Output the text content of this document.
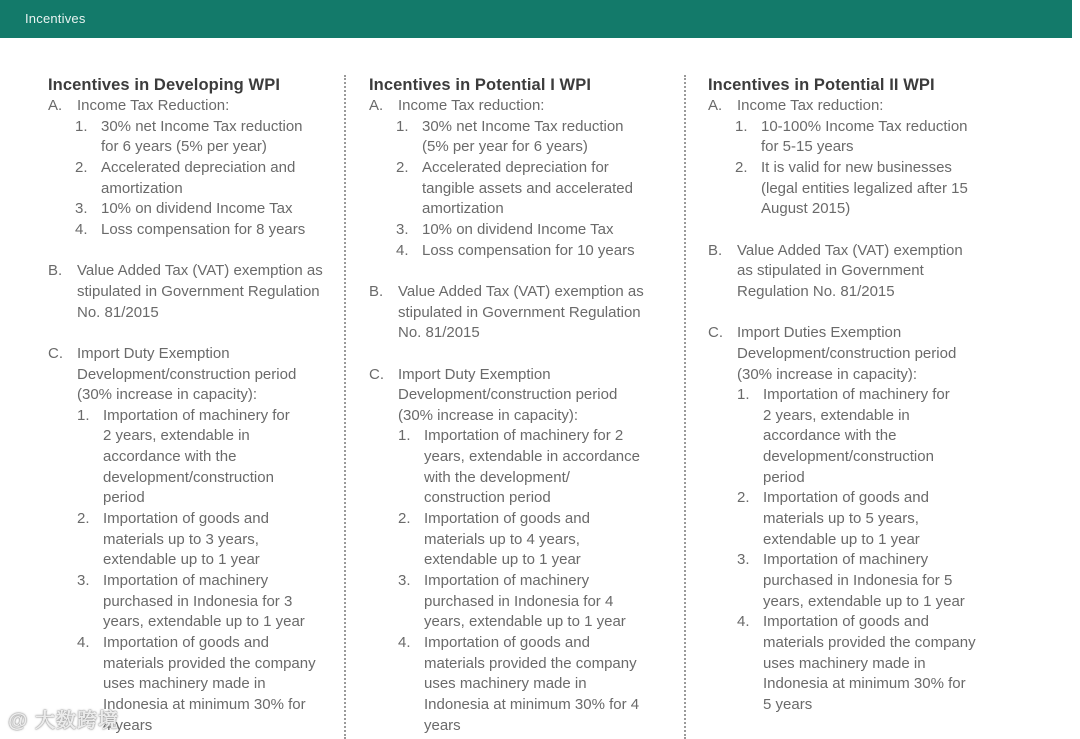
Incentives
Incentives in Developing WPI
A. Income Tax Reduction:
1. 30% net Income Tax reduction for 6 years (5% per year)
2. Accelerated depreciation and amortization
3. 10% on dividend Income Tax
4. Loss compensation for 8 years
B. Value Added Tax (VAT) exemption as stipulated in Government Regulation No. 81/2015
C. Import Duty Exemption Development/construction period (30% increase in capacity):
1. Importation of machinery for 2 years, extendable in accordance with the development/construction period
2. Importation of goods and materials up to 3 years, extendable up to 1 year
3. Importation of machinery purchased in Indonesia for 3 years, extendable up to 1 year
4. Importation of goods and materials provided the company uses machinery made in Indonesia at minimum 30% for 4 years
Incentives in Potential I WPI
A. Income Tax reduction:
1. 30% net Income Tax reduction (5% per year for 6 years)
2. Accelerated depreciation for tangible assets and accelerated amortization
3. 10% on dividend Income Tax
4. Loss compensation for 10 years
B. Value Added Tax (VAT) exemption as stipulated in Government Regulation No. 81/2015
C. Import Duty Exemption Development/construction period (30% increase in capacity):
1. Importation of machinery for 2 years, extendable in accordance with the development/ construction period
2. Importation of goods and materials up to 4 years, extendable up to 1 year
3. Importation of machinery purchased in Indonesia for 4 years, extendable up to 1 year
4. Importation of goods and materials provided the company uses machinery made in Indonesia at minimum 30% for 4 years
Incentives in Potential II WPI
A. Income Tax reduction:
1. 10-100% Income Tax reduction for 5-15 years
2. It is valid for new businesses (legal entities legalized after 15 August 2015)
B. Value Added Tax (VAT) exemption as stipulated in Government Regulation No. 81/2015
C. Import Duties Exemption Development/construction period (30% increase in capacity):
1. Importation of machinery for 2 years, extendable in accordance with the development/construction period
2. Importation of goods and materials up to 5 years, extendable up to 1 year
3. Importation of machinery purchased in Indonesia for 5 years, extendable up to 1 year
4. Importation of goods and materials provided the company uses machinery made in Indonesia at minimum 30% for 5 years
@ 大数跨境
